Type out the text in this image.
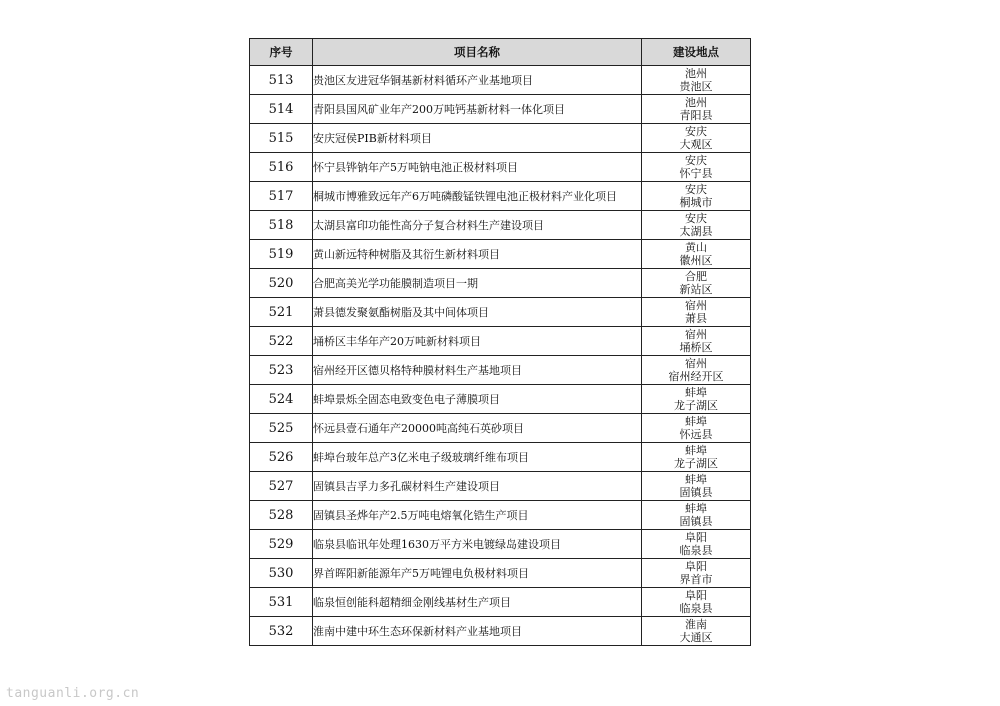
序号	项目名称	建设地点
513	贵池区友进冠华铜基新材料循环产业基地项目	池州
贵池区

514	青阳县国风矿业年产200万吨钙基新材料一体化项目	池州
青阳县

515	安庆冠侯PIB新材料项目	安庆
大观区

516	怀宁县铧钠年产5万吨钠电池正极材料项目	安庆
怀宁县

517	桐城市博雅致远年产6万吨磷酸锰铁锂电池正极材料产业化项目	安庆
桐城市

518	太湖县富印功能性高分子复合材料生产建设项目	安庆
太湖县

519	黄山新远特种树脂及其衍生新材料项目	黄山
徽州区

520	合肥高美光学功能膜制造项目一期	合肥
新站区

521	萧县德发聚氨酯树脂及其中间体项目	宿州
萧县

522	埇桥区丰华年产20万吨新材料项目	宿州
埇桥区

523	宿州经开区德贝格特种膜材料生产基地项目	宿州
宿州经开区

524	蚌埠景烁全固态电致变色电子薄膜项目	蚌埠
龙子湖区

525	怀远县壹石通年产20000吨高纯石英砂项目	蚌埠
怀远县

526	蚌埠台玻年总产3亿米电子级玻璃纤维布项目	蚌埠
龙子湖区

527	固镇县吉孚力多孔碳材料生产建设项目	蚌埠
固镇县

528	固镇县圣烨年产2.5万吨电熔氧化锆生产项目	蚌埠
固镇县

529	临泉县临讯年处理1630万平方米电镀绿岛建设项目	阜阳
临泉县

530	界首晖阳新能源年产5万吨锂电负极材料项目	阜阳
界首市

531	临泉恒创能科超精细金刚线基材生产项目	阜阳
临泉县

532	淮南中建中环生态环保新材料产业基地项目	淮南
大通区
tanguanli.org.cn
